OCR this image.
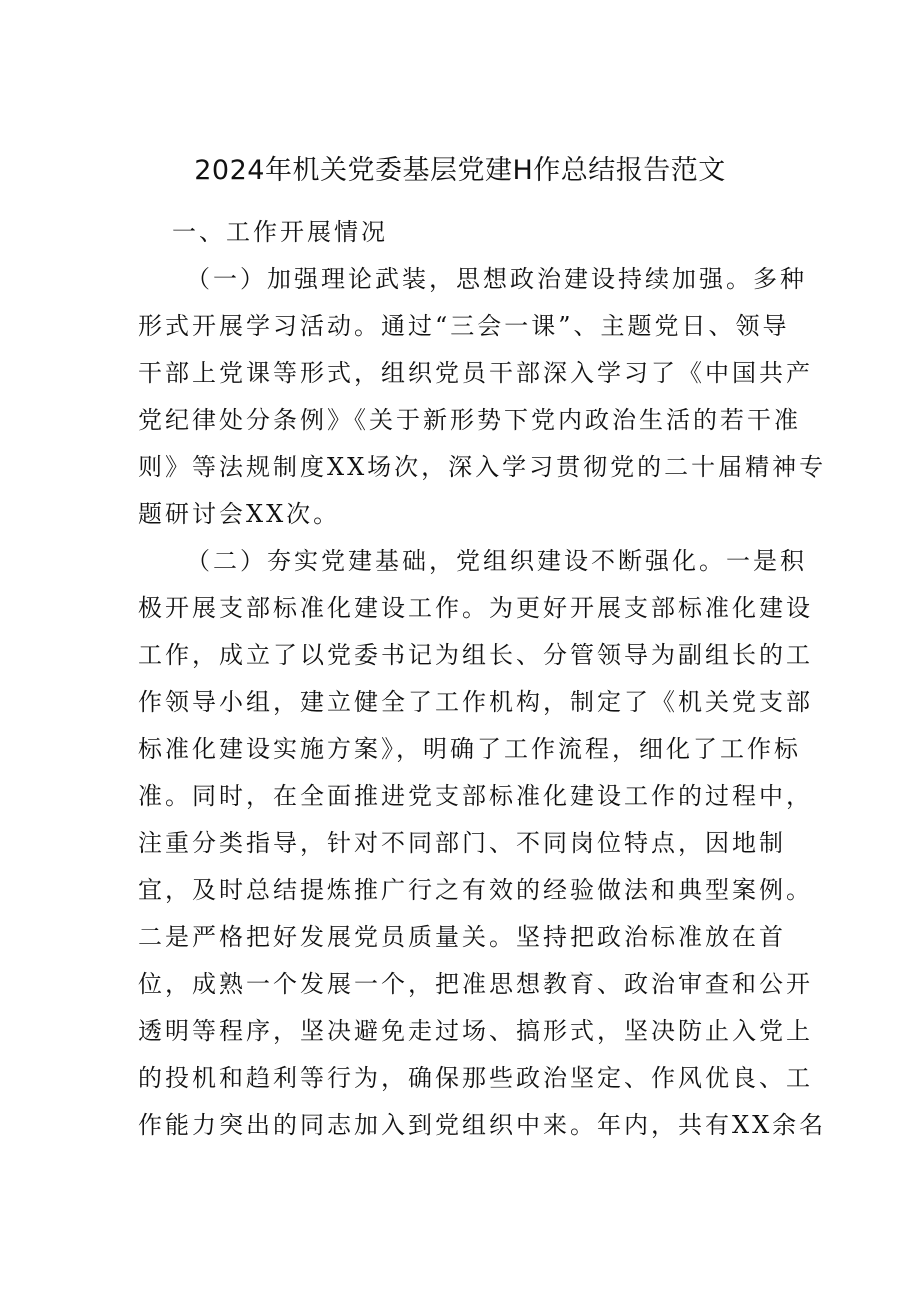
2024年机关党委基层党建H作总结报告范文
一、工作开展情况
（一）加强理论武装，思想政治建设持续加强。多种
形式开展学习活动。通过“三会一课”、主题党日、领导
干部上党课等形式，组织党员干部深入学习了《中国共产
党纪律处分条例》《关于新形势下党内政治生活的若干准
则》等法规制度XX场次，深入学习贯彻党的二十届精神专
题研讨会XX次。
（二）夯实党建基础，党组织建设不断强化。一是积
极开展支部标准化建设工作。为更好开展支部标准化建设
工作，成立了以党委书记为组长、分管领导为副组长的工
作领导小组，建立健全了工作机构，制定了《机关党支部
标准化建设实施方案》，明确了工作流程，细化了工作标
准。同时，在全面推进党支部标准化建设工作的过程中，
注重分类指导，针对不同部门、不同岗位特点，因地制
宜，及时总结提炼推广行之有效的经验做法和典型案例。
二是严格把好发展党员质量关。坚持把政治标准放在首
位，成熟一个发展一个，把准思想教育、政治审查和公开
透明等程序，坚决避免走过场、搞形式，坚决防止入党上
的投机和趋利等行为，确保那些政治坚定、作风优良、工
作能力突出的同志加入到党组织中来。年内，共有XX余名
